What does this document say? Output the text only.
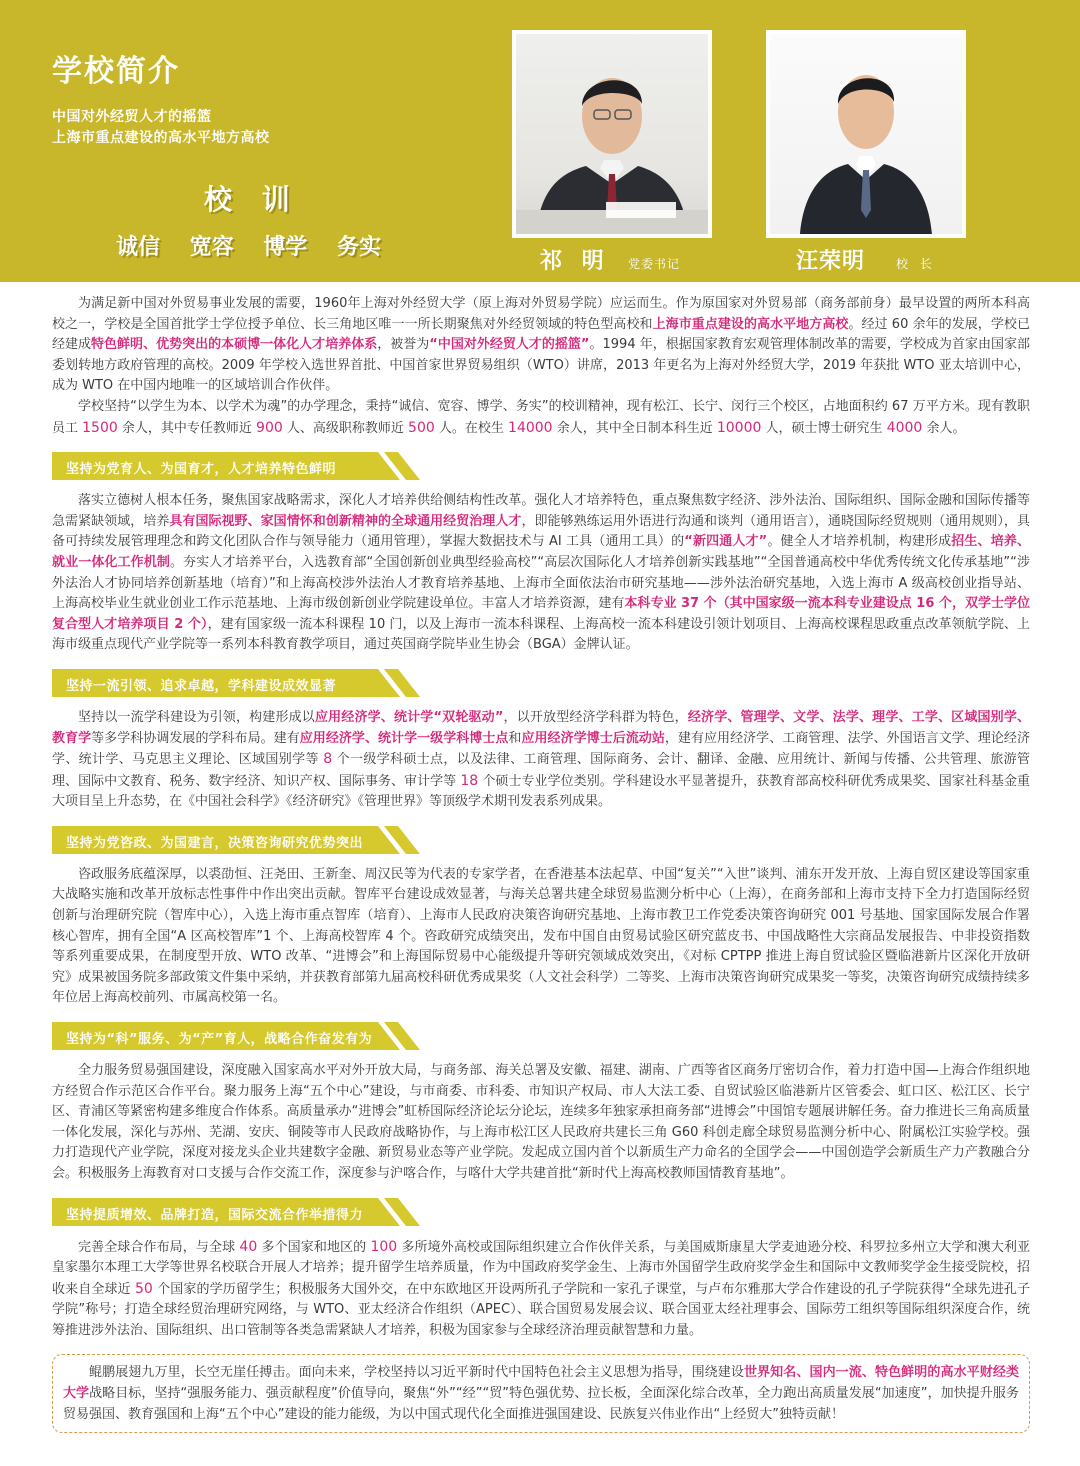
学校简介
中国对外经贸人才的摇篮
上海市重点建设的高水平地方高校
校 训
诚信 宽容 博学 务实
祁 明 党委书记	汪荣明	校 长

为满足新中国对外贸易事业发展的需要，1960年上海对外经贸大学（原上海对外贸易学院）应运而生。作为原国家对外贸易部（商务部前身）最早设置的两所本科高校之一，学校是全国首批学士学位授予单位、长三角地区唯一一所长期聚焦对外经贸领域的特色型高校和上海市重点建设的高水平地方高校。经过 60 余年的发展，学校已经建成特色鲜明、优势突出的本硕博一体化人才培养体系，被誉为“中国对外经贸人才的摇篮”。1994 年，根据国家教育宏观管理体制改革的需要，学校成为首家由国家部委划转地方政府管理的高校。2009 年学校入选世界首批、中国首家世界贸易组织（WTO）讲席，2013 年更名为上海对外经贸大学，2019 年获批 WTO 亚太培训中心，成为 WTO 在中国内地唯一的区域培训合作伙伴。

学校坚持“以学生为本、以学术为魂”的办学理念，秉持“诚信、宽容、博学、务实”的校训精神，现有松江、长宁、闵行三个校区，占地面积约 67 万平方米。现有教职员工 1500 余人，其中专任教师近 900 人、高级职称教师近 500 人。在校生 14000 余人，其中全日制本科生近 10000 人，硕士博士研究生 4000 余人。

坚持为党育人、为国育才，人才培养特色鲜明

落实立德树人根本任务，聚焦国家战略需求，深化人才培养供给侧结构性改革。强化人才培养特色，重点聚焦数字经济、涉外法治、国际组织、国际金融和国际传播等急需紧缺领域，培养具有国际视野、家国情怀和创新精神的全球通用经贸治理人才，即能够熟练运用外语进行沟通和谈判（通用语言），通晓国际经贸规则（通用规则），具备可持续发展管理理念和跨文化团队合作与领导能力（通用管理），掌握大数据技术与 AI 工具（通用工具）的“新四通人才”。健全人才培养机制，构建形成招生、培养、就业一体化工作机制。夯实人才培养平台，入选教育部“全国创新创业典型经验高校”“高层次国际化人才培养创新实践基地”“全国普通高校中华优秀传统文化传承基地”“涉外法治人才协同培养创新基地（培育）”和上海高校涉外法治人才教育培养基地、上海市全面依法治市研究基地——涉外法治研究基地，入选上海市 A 级高校创业指导站、上海高校毕业生就业创业工作示范基地、上海市级创新创业学院建设单位。丰富人才培养资源，建有本科专业 37 个（其中国家级一流本科专业建设点 16 个，双学士学位复合型人才培养项目 2 个），建有国家级一流本科课程 10 门，以及上海市一流本科课程、上海高校一流本科建设引领计划项目、上海高校课程思政重点改革领航学院、上海市级重点现代产业学院等一系列本科教育教学项目，通过英国商学院毕业生协会（BGA）金牌认证。

坚持一流引领、追求卓越，学科建设成效显著

坚持以一流学科建设为引领，构建形成以应用经济学、统计学“双轮驱动”，以开放型经济学科群为特色，经济学、管理学、文学、法学、理学、工学、区域国别学、教育学等多学科协调发展的学科布局。建有应用经济学、统计学一级学科博士点和应用经济学博士后流动站，建有应用经济学、工商管理、法学、外国语言文学、理论经济学、统计学、马克思主义理论、区域国别学等 8 个一级学科硕士点，以及法律、工商管理、国际商务、会计、翻译、金融、应用统计、新闻与传播、公共管理、旅游管理、国际中文教育、税务、数字经济、知识产权、国际事务、审计学等 18 个硕士专业学位类别。学科建设水平显著提升，获教育部高校科研优秀成果奖、国家社科基金重大项目呈上升态势，在《中国社会科学》《经济研究》《管理世界》等顶级学术期刊发表系列成果。

坚持为党咨政、为国建言，决策咨询研究优势突出

咨政服务底蕴深厚，以裘劭恒、汪尧田、王新奎、周汉民等为代表的专家学者，在香港基本法起草、中国“复关”“入世”谈判、浦东开发开放、上海自贸区建设等国家重大战略实施和改革开放标志性事件中作出突出贡献。智库平台建设成效显著，与海关总署共建全球贸易监测分析中心（上海），在商务部和上海市支持下全力打造国际经贸创新与治理研究院（智库中心），入选上海市重点智库（培育）、上海市人民政府决策咨询研究基地、上海市教卫工作党委决策咨询研究 001 号基地、国家国际发展合作署核心智库，拥有全国“A 区高校智库”1 个、上海高校智库 4 个。咨政研究成绩突出，发布中国自由贸易试验区研究蓝皮书、中国战略性大宗商品发展报告、中非投资指数等系列重要成果，在制度型开放、WTO 改革、“进博会”和上海国际贸易中心能级提升等研究领域成效突出，《对标 CPTPP 推进上海自贸试验区暨临港新片区深化开放研究》成果被国务院多部政策文件集中采纳，并获教育部第九届高校科研优秀成果奖（人文社会科学）二等奖、上海市决策咨询研究成果奖一等奖，决策咨询研究成绩持续多年位居上海高校前列、市属高校第一名。

坚持为“科”服务、为“产”育人，战略合作奋发有为

全力服务贸易强国建设，深度融入国家高水平对外开放大局，与商务部、海关总署及安徽、福建、湖南、广西等省区商务厅密切合作，着力打造中国—上海合作组织地方经贸合作示范区合作平台。聚力服务上海“五个中心”建设，与市商委、市科委、市知识产权局、市人大法工委、自贸试验区临港新片区管委会、虹口区、松江区、长宁区、青浦区等紧密构建多维度合作体系。高质量承办“进博会”虹桥国际经济论坛分论坛，连续多年独家承担商务部“进博会”中国馆专题展讲解任务。奋力推进长三角高质量一体化发展，深化与苏州、芜湖、安庆、铜陵等市人民政府战略协作，与上海市松江区人民政府共建长三角 G60 科创走廊全球贸易监测分析中心、附属松江实验学校。强力打造现代产业学院，深度对接龙头企业共建数字金融、新贸易业态等产业学院。发起成立国内首个以新质生产力命名的全国学会——中国创造学会新质生产力产教融合分会。积极服务上海教育对口支援与合作交流工作，深度参与沪喀合作，与喀什大学共建首批“新时代上海高校教师国情教育基地”。

坚持提质增效、品牌打造，国际交流合作举措得力

完善全球合作布局，与全球 40 多个国家和地区的 100 多所境外高校或国际组织建立合作伙伴关系，与美国威斯康星大学麦迪逊分校、科罗拉多州立大学和澳大利亚皇家墨尔本理工大学等世界名校联合开展人才培养；提升留学生培养质量，作为中国政府奖学金生、上海市外国留学生政府奖学金生和国际中文教师奖学金生接受院校，招收来自全球近 50 个国家的学历留学生；积极服务大国外交，在中东欧地区开设两所孔子学院和一家孔子课堂，与卢布尔雅那大学合作建设的孔子学院获得“全球先进孔子学院”称号；打造全球经贸治理研究网络，与 WTO、亚太经济合作组织（APEC）、联合国贸易发展会议、联合国亚太经社理事会、国际劳工组织等国际组织深度合作，统筹推进涉外法治、国际组织、出口管制等各类急需紧缺人才培养，积极为国家参与全球经济治理贡献智慧和力量。

鲲鹏展翅九万里，长空无崖任搏击。面向未来，学校坚持以习近平新时代中国特色社会主义思想为指导，围绕建设世界知名、国内一流、特色鲜明的高水平财经类大学战略目标，坚持“强服务能力、强贡献程度”价值导向，聚焦“外”“经”“贸”特色强优势、拉长板，全面深化综合改革，全力跑出高质量发展“加速度”，加快提升服务贸易强国、教育强国和上海“五个中心”建设的能力能级，为以中国式现代化全面推进强国建设、民族复兴伟业作出“上经贸大”独特贡献！
